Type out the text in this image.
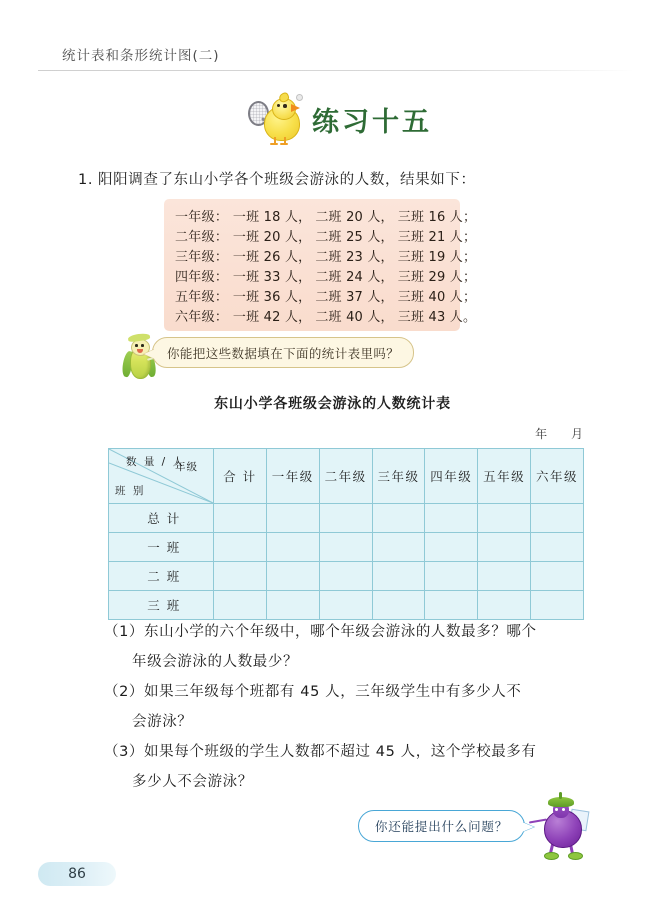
统计表和条形统计图(二)
练习十五
1. 阳阳调查了东山小学各个班级会游泳的人数，结果如下：
一年级 ： 一班 18 人， 二班 20 人， 三班 16 人；
二年级 ： 一班 20 人， 二班 25 人， 三班 21 人；
三年级 ： 一班 26 人， 二班 23 人， 三班 19 人；
四年级 ： 一班 33 人， 二班 24 人， 三班 29 人；
五年级 ： 一班 36 人， 二班 37 人， 三班 40 人；
六年级 ： 一班 42 人， 二班 40 人， 三班 43 人。
你能把这些数据填在下面的统计表里吗？
东山小学各班级会游泳的人数统计表
年 月
数 量 / 人
年级
班 别	合 计	一年级	二年级	三年级	四年级	五年级	六年级
总 计							
一 班							
二 班							
三 班							
（1）东山小学的六个年级中，哪个年级会游泳的人数最多？哪个
年级会游泳的人数最少？
（2）如果三年级每个班都有 45 人，三年级学生中有多少人不
会游泳？
（3）如果每个班级的学生人数都不超过 45 人，这个学校最多有
多少人不会游泳？
你还能提出什么问题？
86
